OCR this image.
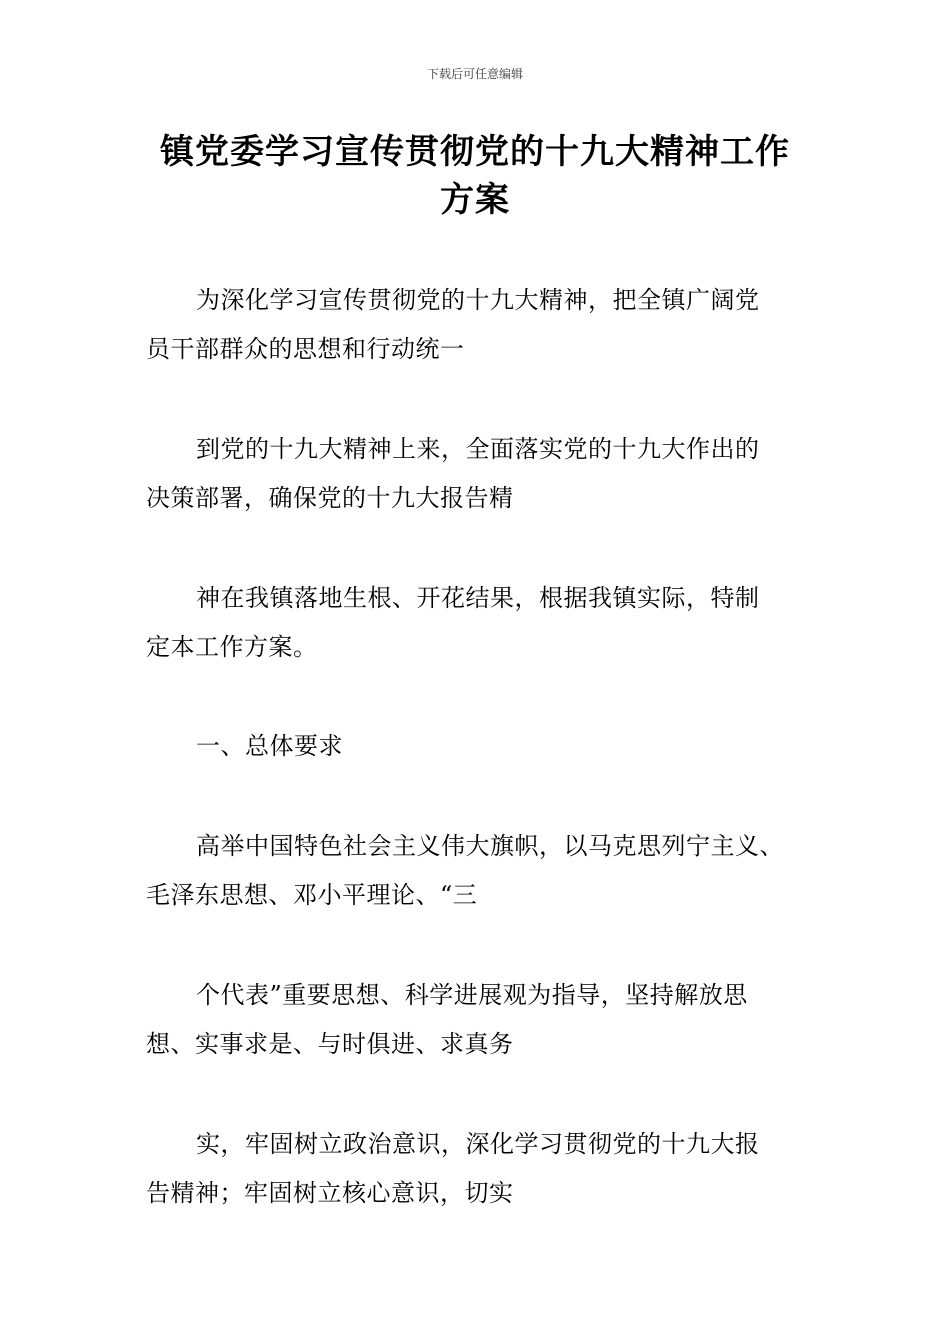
下载后可任意编辑
镇党委学习宣传贯彻党的十九大精神工作
方案
为深化学习宣传贯彻党的十九大精神，把全镇广阔党
员干部群众的思想和行动统一
到党的十九大精神上来，全面落实党的十九大作出的
决策部署，确保党的十九大报告精
神在我镇落地生根、开花结果，根据我镇实际，特制
定本工作方案。
一、总体要求
高举中国特色社会主义伟大旗帜，以马克思列宁主义、
毛泽东思想、邓小平理论、“三
个代表”重要思想、科学进展观为指导，坚持解放思
想、实事求是、与时俱进、求真务
实，牢固树立政治意识，深化学习贯彻党的十九大报
告精神；牢固树立核心意识，切实
